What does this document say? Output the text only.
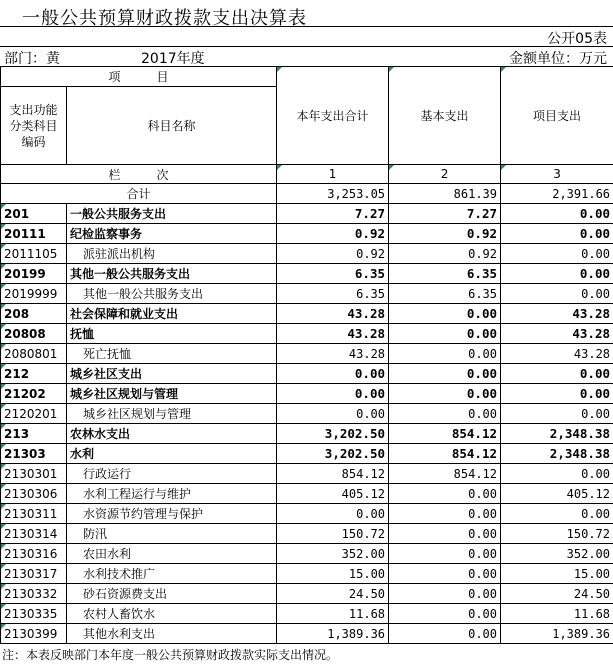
一般公共预算财政拨款支出决算表
公开05表
部门：黄	2017年度	金额单位：万元
项　　　目		本年支出合计	基本支出	项目支出
支出功能分类科目编码	科目名称			
栏　　　次		1	2	3
合计		3,253.05	861.39	2,391.66
201	一般公共服务支出	7.27	7.27	0.00
20111	纪检监察事务	0.92	0.92	0.00
2011105	派驻派出机构	0.92	0.92	0.00
20199	其他一般公共服务支出	6.35	6.35	0.00
2019999	其他一般公共服务支出	6.35	6.35	0.00
208	社会保障和就业支出	43.28	0.00	43.28
20808	抚恤	43.28	0.00	43.28
2080801	死亡抚恤	43.28	0.00	43.28
212	城乡社区支出	0.00	0.00	0.00
21202	城乡社区规划与管理	0.00	0.00	0.00
2120201	城乡社区规划与管理	0.00	0.00	0.00
213	农林水支出	3,202.50	854.12	2,348.38
21303	水利	3,202.50	854.12	2,348.38
2130301	行政运行	854.12	854.12	0.00
2130306	水利工程运行与维护	405.12	0.00	405.12
2130311	水资源节约管理与保护	0.00	0.00	0.00
2130314	防汛	150.72	0.00	150.72
2130316	农田水利	352.00	0.00	352.00
2130317	水利技术推广	15.00	0.00	15.00
2130332	砂石资源费支出	24.50	0.00	24.50
2130335	农村人畜饮水	11.68	0.00	11.68
2130399	其他水利支出	1,389.36	0.00	1,389.36
注：本表反映部门本年度一般公共预算财政拨款实际支出情况。
